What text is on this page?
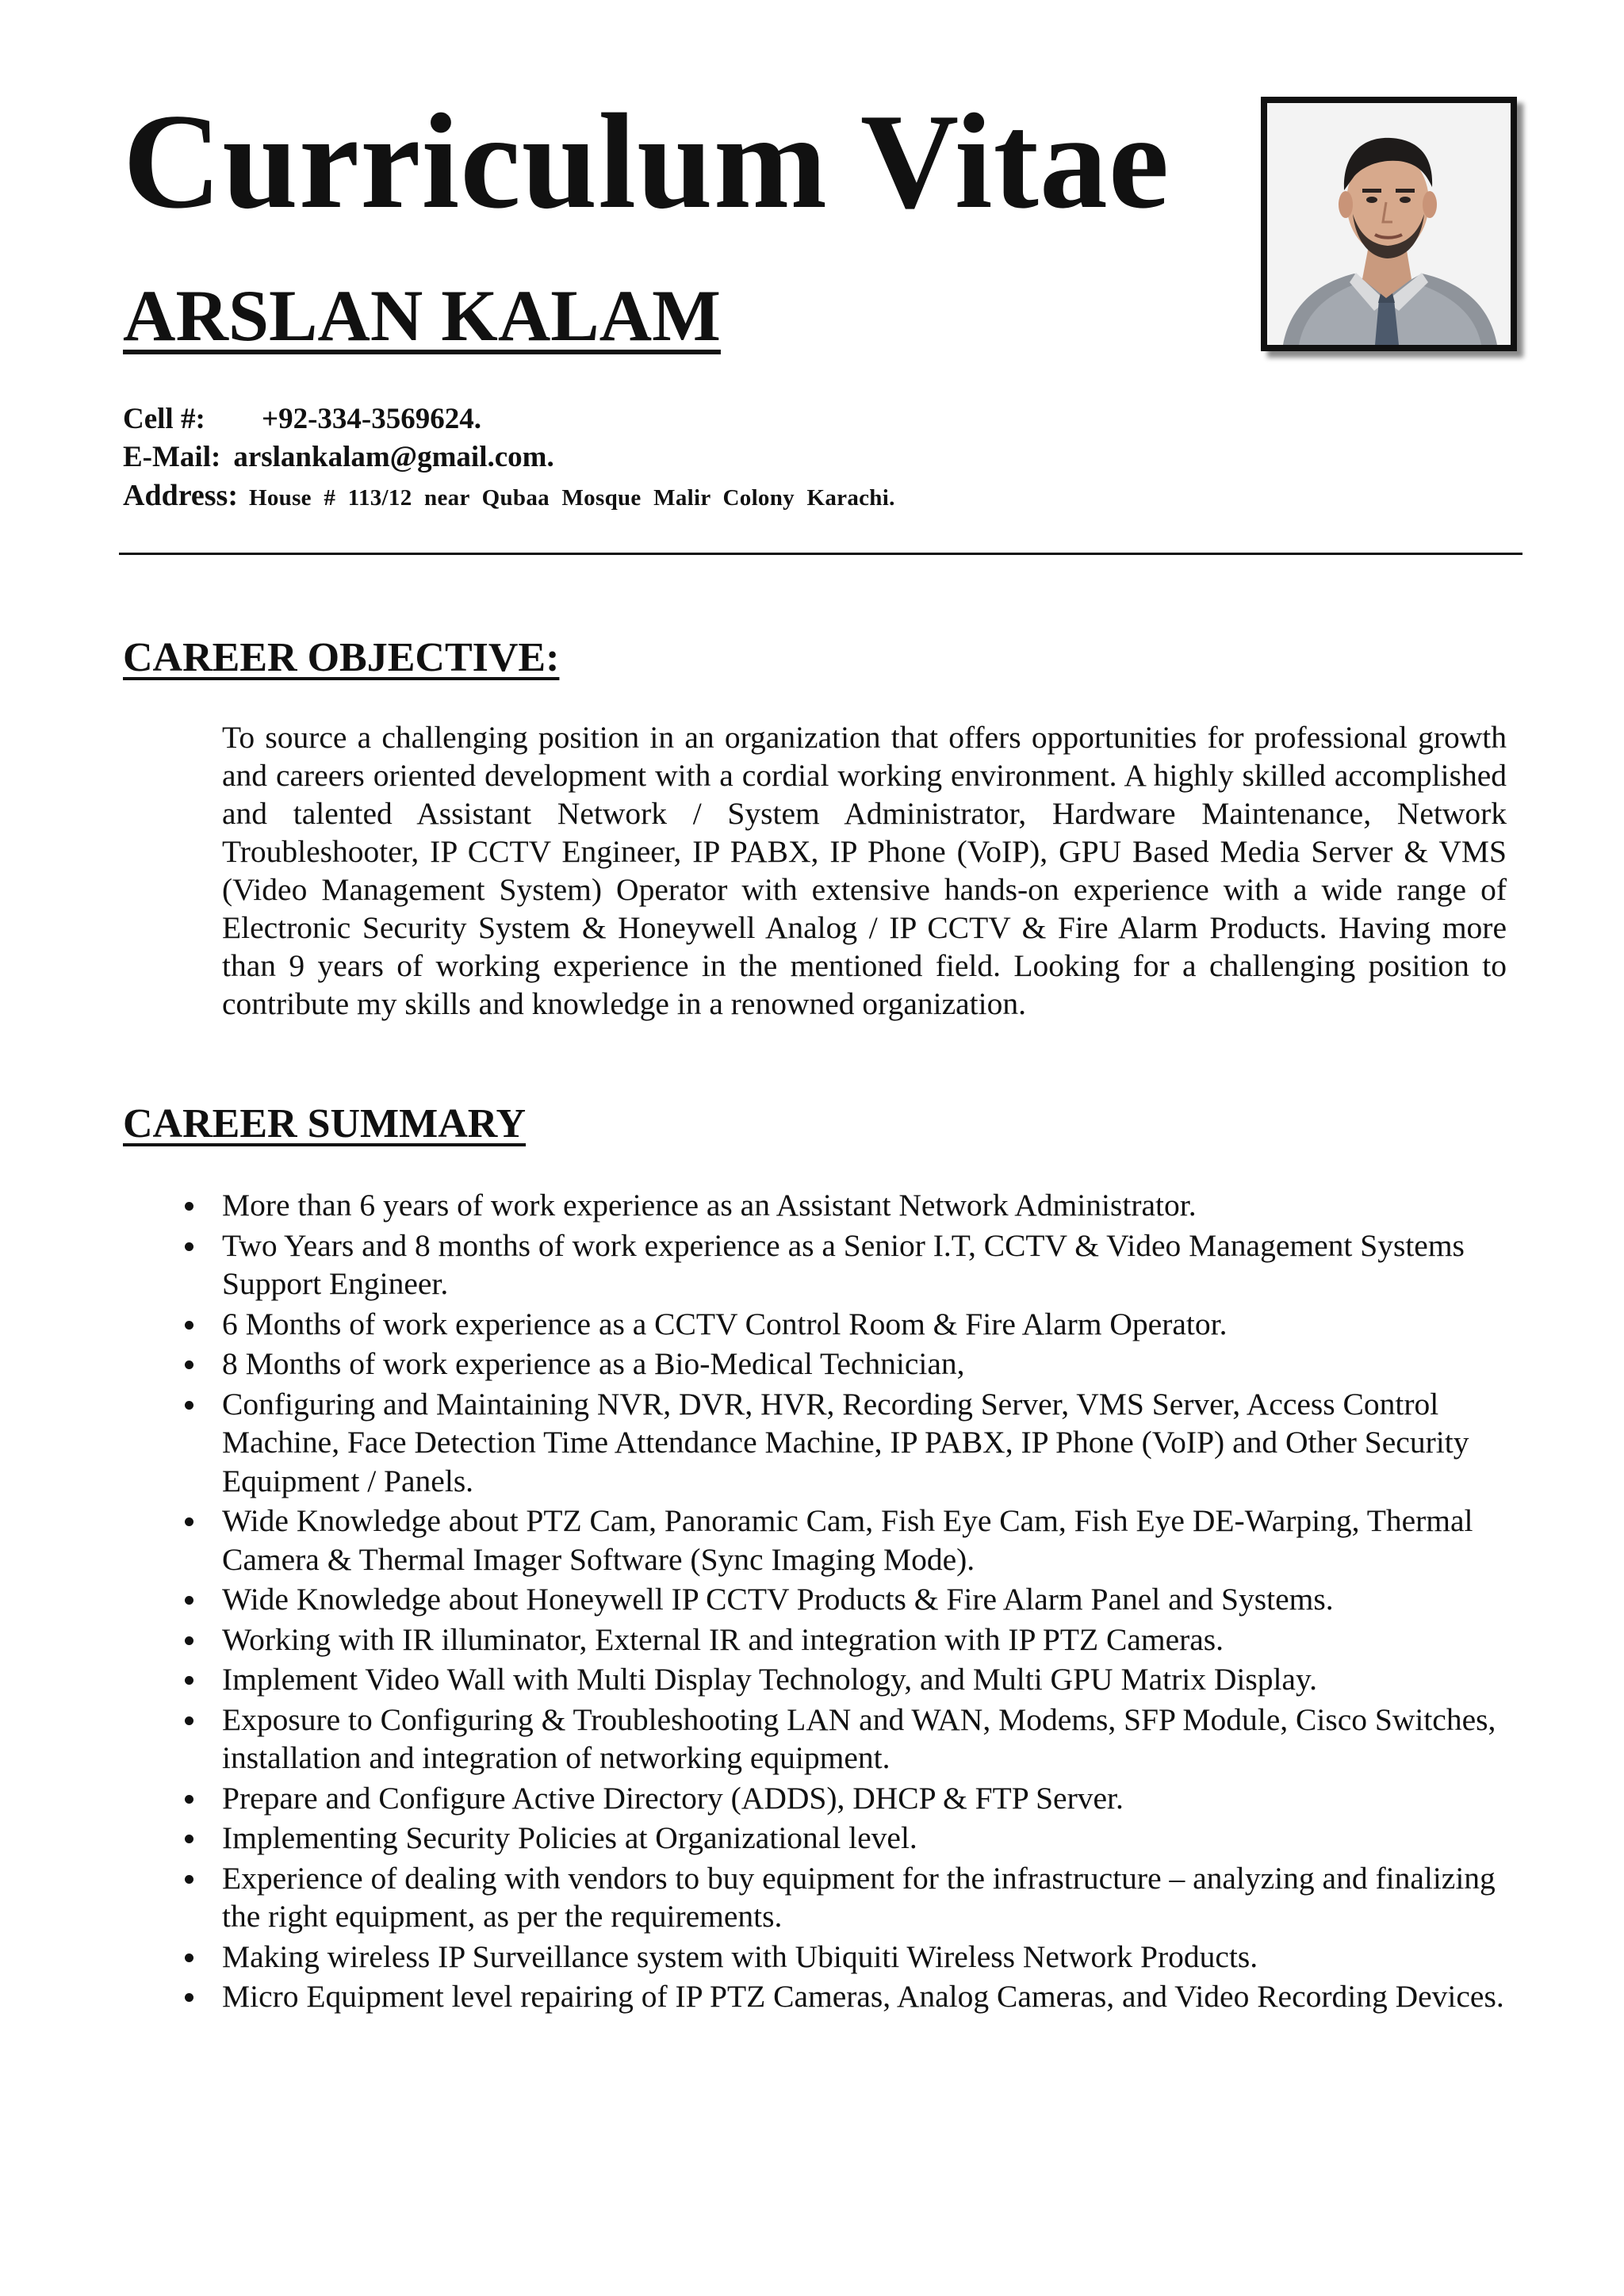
Curriculum Vitae
ARSLAN KALAM
Cell #: +92-334-3569624.
E-Mail: arslankalam@gmail.com.
Address: House # 113/12 near Qubaa Mosque Malir Colony Karachi.
CAREER OBJECTIVE:

To source a challenging position in an organization that offers opportunities for professional growth and careers oriented development with a cordial working environment. A highly skilled accomplished and talented Assistant Network / System Administrator, Hardware Maintenance, Network Troubleshooter, IP CCTV Engineer, IP PABX, IP Phone (VoIP), GPU Based Media Server & VMS (Video Management System) Operator with extensive hands-on experience with a wide range of Electronic Security System & Honeywell Analog / IP CCTV & Fire Alarm Products. Having more than 9 years of working experience in the mentioned field. Looking for a challenging position to contribute my skills and knowledge in a renowned organization.

CAREER SUMMARY
More than 6 years of work experience as an Assistant Network Administrator.
Two Years and 8 months of work experience as a Senior I.T, CCTV & Video Management Systems Support Engineer.
6 Months of work experience as a CCTV Control Room & Fire Alarm Operator.
8 Months of work experience as a Bio-Medical Technician,
Configuring and Maintaining NVR, DVR, HVR, Recording Server, VMS Server, Access Control Machine, Face Detection Time Attendance Machine, IP PABX, IP Phone (VoIP) and Other Security Equipment / Panels.
Wide Knowledge about PTZ Cam, Panoramic Cam, Fish Eye Cam, Fish Eye DE-Warping, Thermal Camera & Thermal Imager Software (Sync Imaging Mode).
Wide Knowledge about Honeywell IP CCTV Products & Fire Alarm Panel and Systems.
Working with IR illuminator, External IR and integration with IP PTZ Cameras.
Implement Video Wall with Multi Display Technology, and Multi GPU Matrix Display.
Exposure to Configuring & Troubleshooting LAN and WAN, Modems, SFP Module, Cisco Switches, installation and integration of networking equipment.
Prepare and Configure Active Directory (ADDS), DHCP & FTP Server.
Implementing Security Policies at Organizational level.
Experience of dealing with vendors to buy equipment for the infrastructure – analyzing and finalizing the right equipment, as per the requirements.
Making wireless IP Surveillance system with Ubiquiti Wireless Network Products.
Micro Equipment level repairing of IP PTZ Cameras, Analog Cameras, and Video Recording Devices.
